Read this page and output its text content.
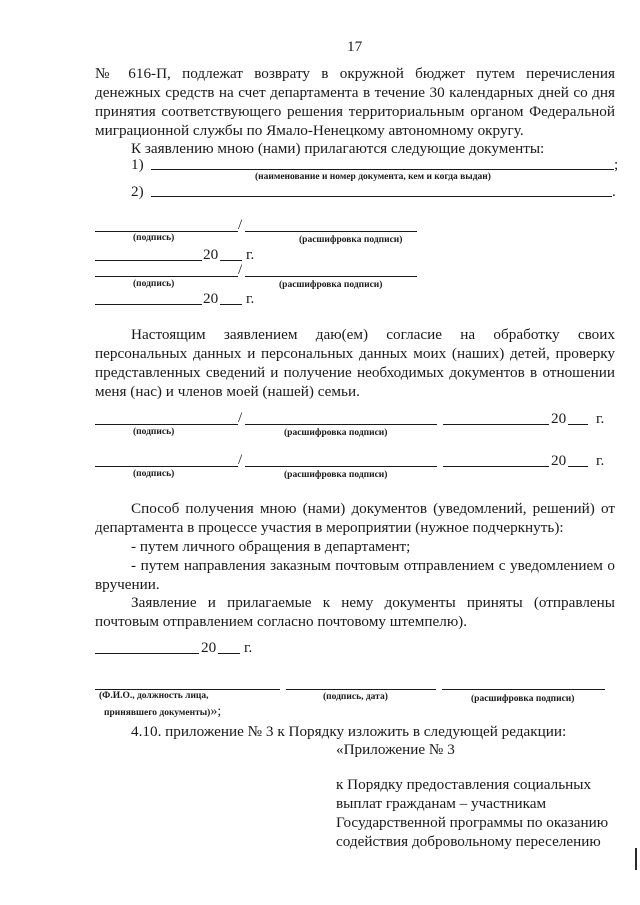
17
№ 616-П, подлежат возврату в окружной бюджет путем перечисления
денежных средств на счет департамента в течение 30 календарных дней со дня
принятия соответствующего решения территориальным органом Федеральной
миграционной службы по Ямало-Ненецкому автономному округу.
К заявлению мною (нами) прилагаются следующие документы:
1)	;
(наименование и номер документа, кем и когда выдан)
2)	.
/
(подпись)	(расшифровка подписи)
20 г.
/
(подпись)	(расшифровка подписи)
20 г.
Настоящим заявлением даю(ем) согласие на обработку своих
персональных данных и персональных данных моих (наших) детей, проверку
представленных сведений и получение необходимых документов в отношении
меня (нас) и членов моей (нашей) семьи.
/	20 г.
(подпись)	(расшифровка подписи)
/	20 г.
(подпись)	(расшифровка подписи)
Способ получения мною (нами) документов (уведомлений, решений) от
департамента в процессе участия в мероприятии (нужное подчеркнуть):
- путем личного обращения в департамент;
- путем направления заказным почтовым отправлением с уведомлением о
вручении.
Заявление и прилагаемые к нему документы приняты (отправлены
почтовым отправлением согласно почтовому штемпелю).
20 г.
(Ф.И.О., должность лица,
принявшего документы)»;
(подпись, дата)	(расшифровка подписи)
4.10. приложение № 3 к Порядку изложить в следующей редакции:
«Приложение № 3
к Порядку предоставления социальных
выплат гражданам – участникам
Государственной программы по оказанию
содействия добровольному переселению
